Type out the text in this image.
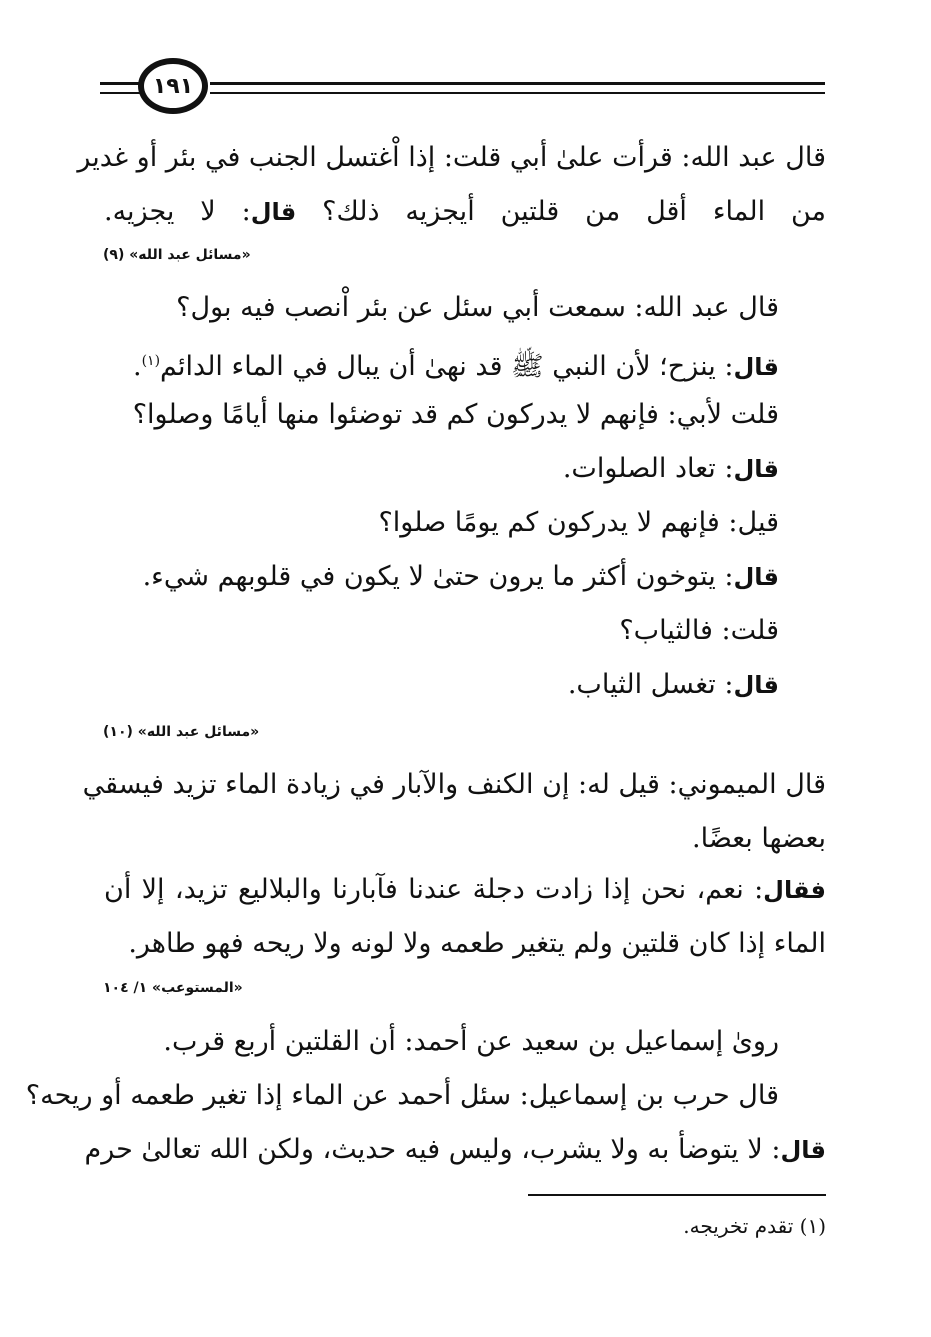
١٩١
قال عبد الله: قرأت علىٰ أبي قلت: إذا اْغتسل الجنب في بئر أو غدير
من الماء أقل من قلتين أيجزيه ذلك؟ قال: لا يجزيه.
«مسائل عبد الله» (٩)
قال عبد الله: سمعت أبي سئل عن بئر اْنصب فيه بول؟
قال: ينزح؛ لأن النبي ﷺ قد نهىٰ أن يبال في الماء الدائم$^{(١)}$.
قلت لأبي: فإنهم لا يدركون كم قد توضئوا منها أيامًا وصلوا؟
قال: تعاد الصلوات.
قيل: فإنهم لا يدركون كم يومًا صلوا؟
قال: يتوخون أكثر ما يرون حتىٰ لا يكون في قلوبهم شيء.
قلت: فالثياب؟
قال: تغسل الثياب.
«مسائل عبد الله» (١٠)
قال الميموني: قيل له: إن الكنف والآبار في زيادة الماء تزيد فيسقي
بعضها بعضًا.
فقال: نعم، نحن إذا زادت دجلة عندنا فآبارنا والبلاليع تزيد، إلا أن
الماء إذا كان قلتين ولم يتغير طعمه ولا لونه ولا ريحه فهو طاهر.
«المستوعب» ١/ ١٠٤
روىٰ إسماعيل بن سعيد عن أحمد: أن القلتين أربع قرب.
قال حرب بن إسماعيل: سئل أحمد عن الماء إذا تغير طعمه أو ريحه؟
قال: لا يتوضأ به ولا يشرب، وليس فيه حديث، ولكن الله تعالىٰ حرم
(١) تقدم تخريجه.
